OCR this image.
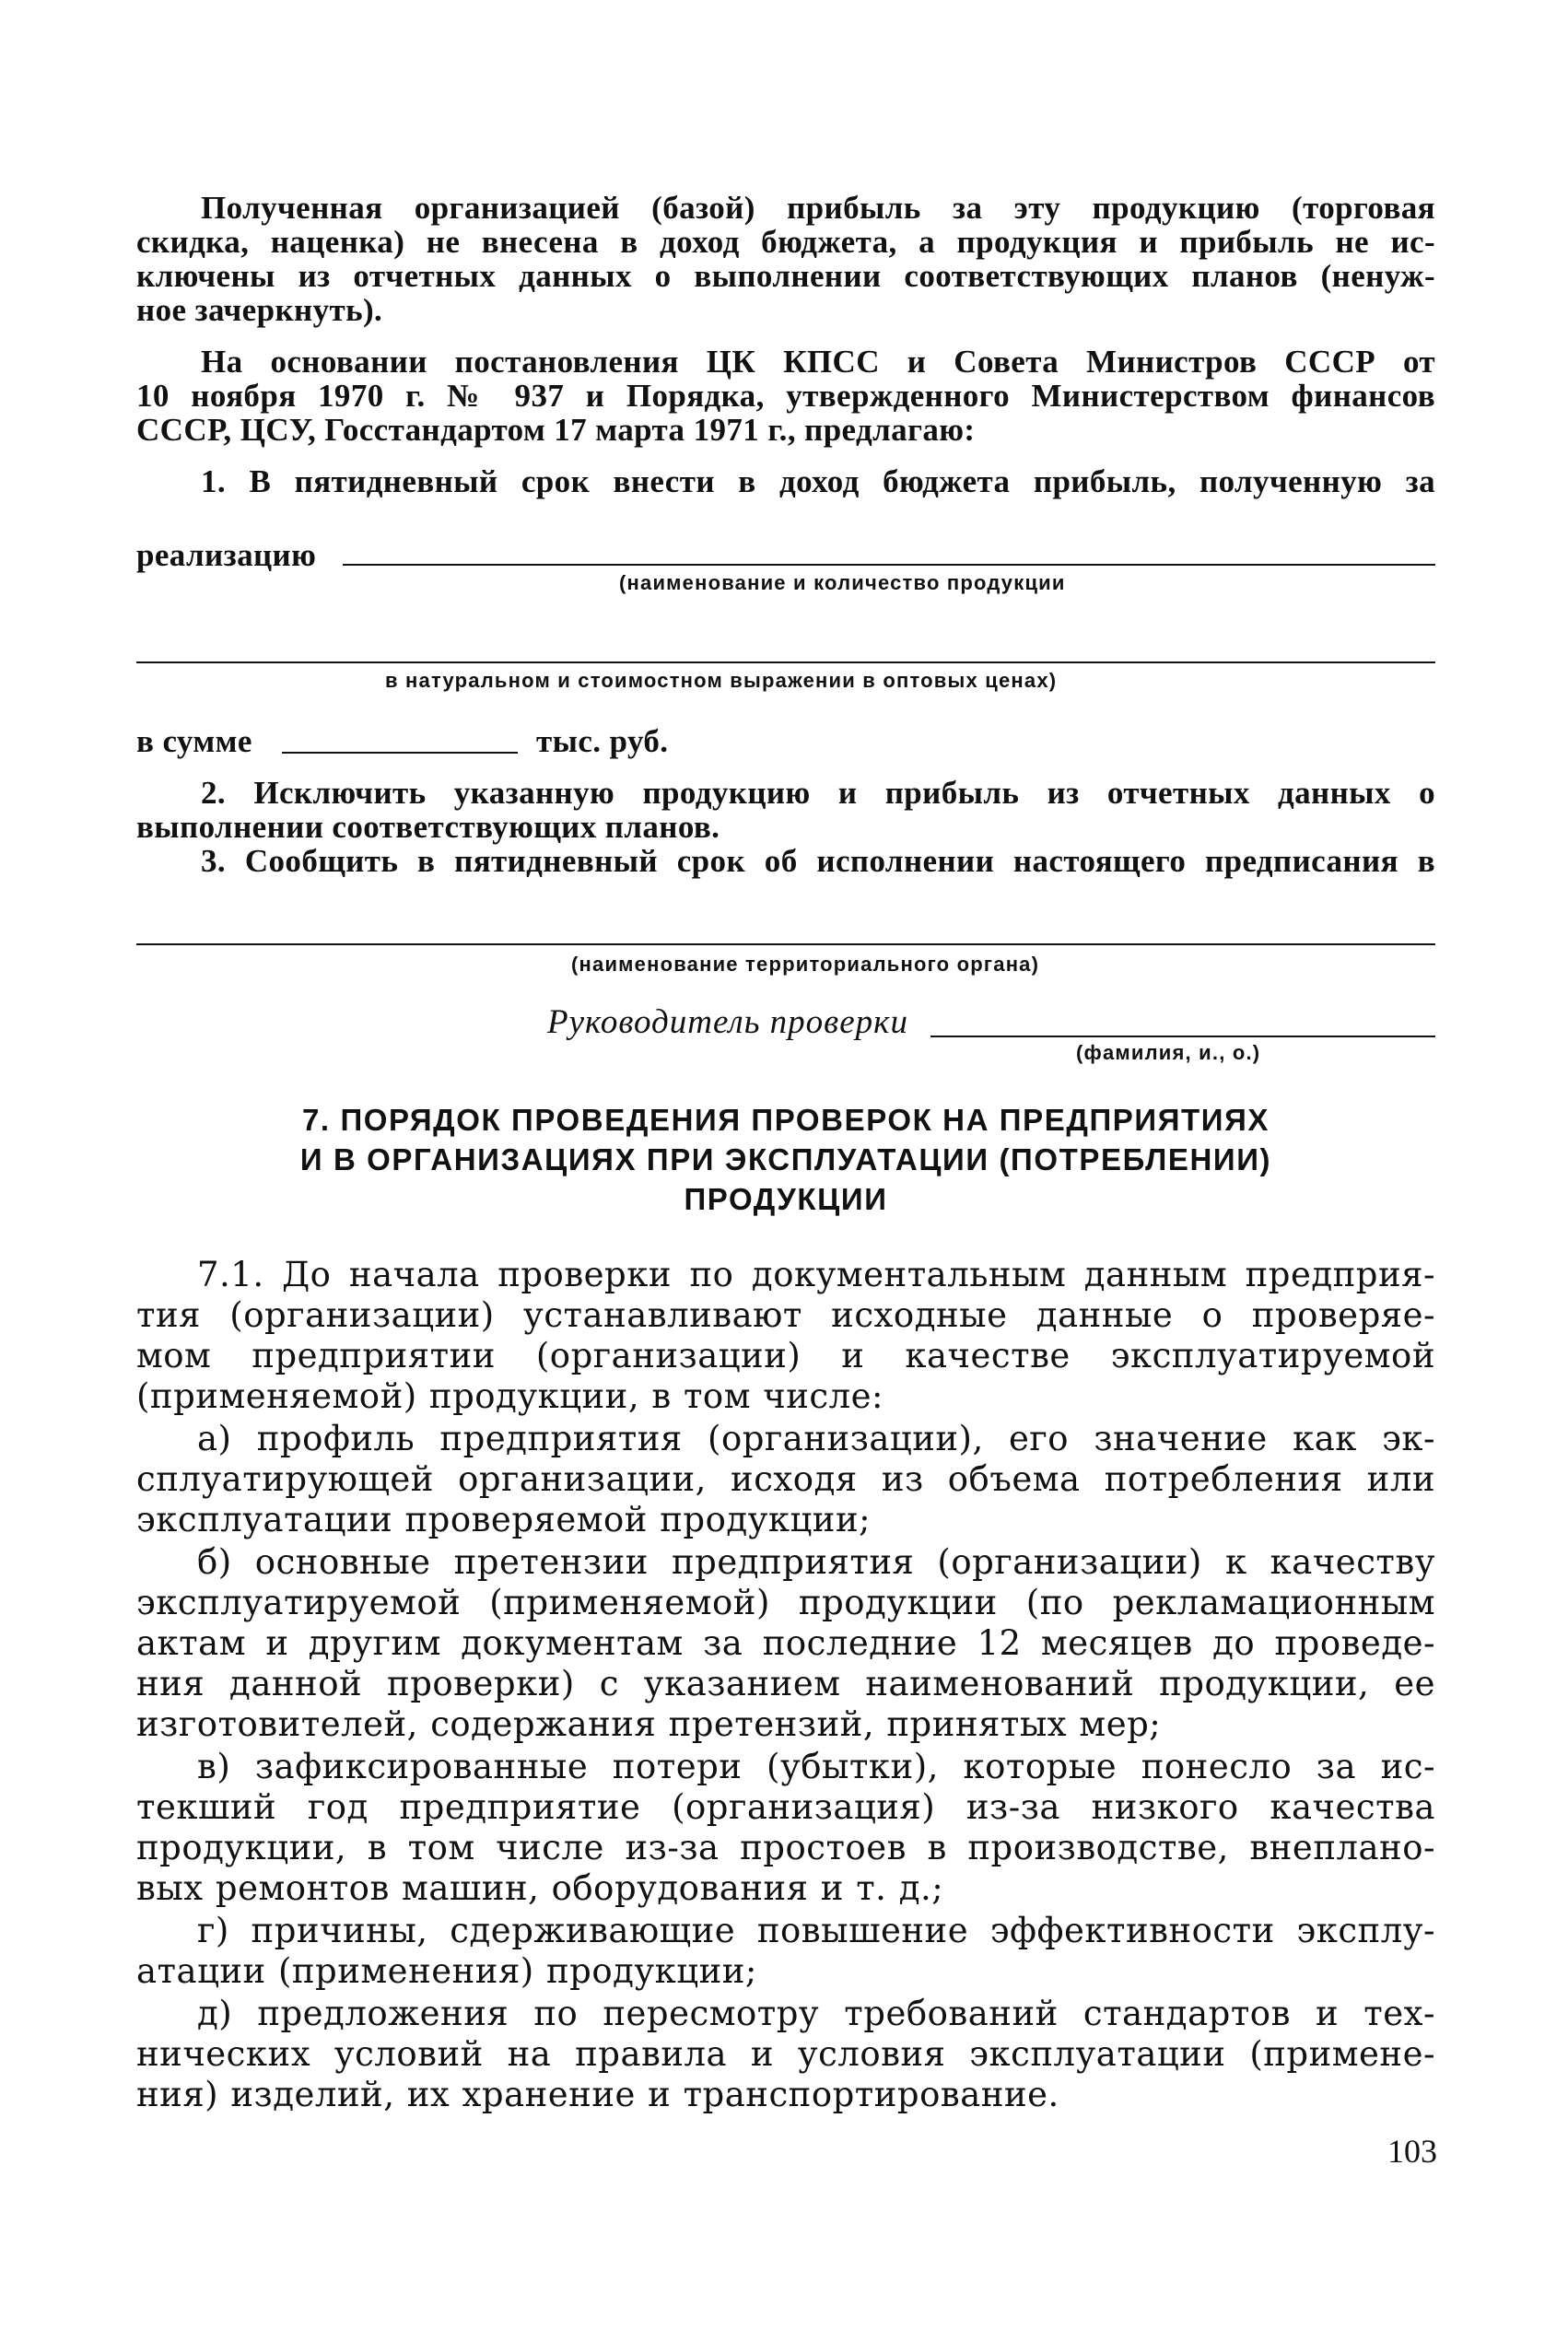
Полученная организацией (базой) прибыль за эту продукцию (торговая
скидка, наценка) не внесена в доход бюджета, а продукция и прибыль не ис-
ключены из отчетных данных о выполнении соответствующих планов (ненуж-
ное зачеркнуть).
На основании постановления ЦК КПСС и Совета Министров СССР от
10 ноября 1970 г. № 937 и Порядка, утвержденного Министерством финансов
СССР, ЦСУ, Госстандартом 17 марта 1971 г., предлагаю:
1. В пятидневный срок внести в доход бюджета прибыль, полученную за
реализацию
(наименование и количество продукции
в натуральном и стоимостном выражении в оптовых ценах)
в сумме	тыс. руб.
2. Исключить указанную продукцию и прибыль из отчетных данных о
выполнении соответствующих планов.
3. Сообщить в пятидневный срок об исполнении настоящего предписания в
(наименование территориального органа)
Руководитель проверки
(фамилия, и., о.)
7. ПОРЯДОК ПРОВЕДЕНИЯ ПРОВЕРОК НА ПРЕДПРИЯТИЯХ
И В ОРГАНИЗАЦИЯХ ПРИ ЭКСПЛУАТАЦИИ (ПОТРЕБЛЕНИИ)
ПРОДУКЦИИ
7.1. До начала проверки по документальным данным предприя-
тия (организации) устанавливают исходные данные о проверяе-
мом предприятии (организации) и качестве эксплуатируемой
(применяемой) продукции, в том числе:
а) профиль предприятия (организации), его значение как эк-
сплуатирующей организации, исходя из объема потребления или
эксплуатации проверяемой продукции;
б) основные претензии предприятия (организации) к качеству
эксплуатируемой (применяемой) продукции (по рекламационным
актам и другим документам за последние 12 месяцев до проведе-
ния данной проверки) с указанием наименований продукции, ее
изготовителей, содержания претензий, принятых мер;
в) зафиксированные потери (убытки), которые понесло за ис-
текший год предприятие (организация) из-за низкого качества
продукции, в том числе из-за простоев в производстве, внеплано-
вых ремонтов машин, оборудования и т. д.;
г) причины, сдерживающие повышение эффективности эксплу-
атации (применения) продукции;
д) предложения по пересмотру требований стандартов и тех-
нических условий на правила и условия эксплуатации (примене-
ния) изделий, их хранение и транспортирование.
103
